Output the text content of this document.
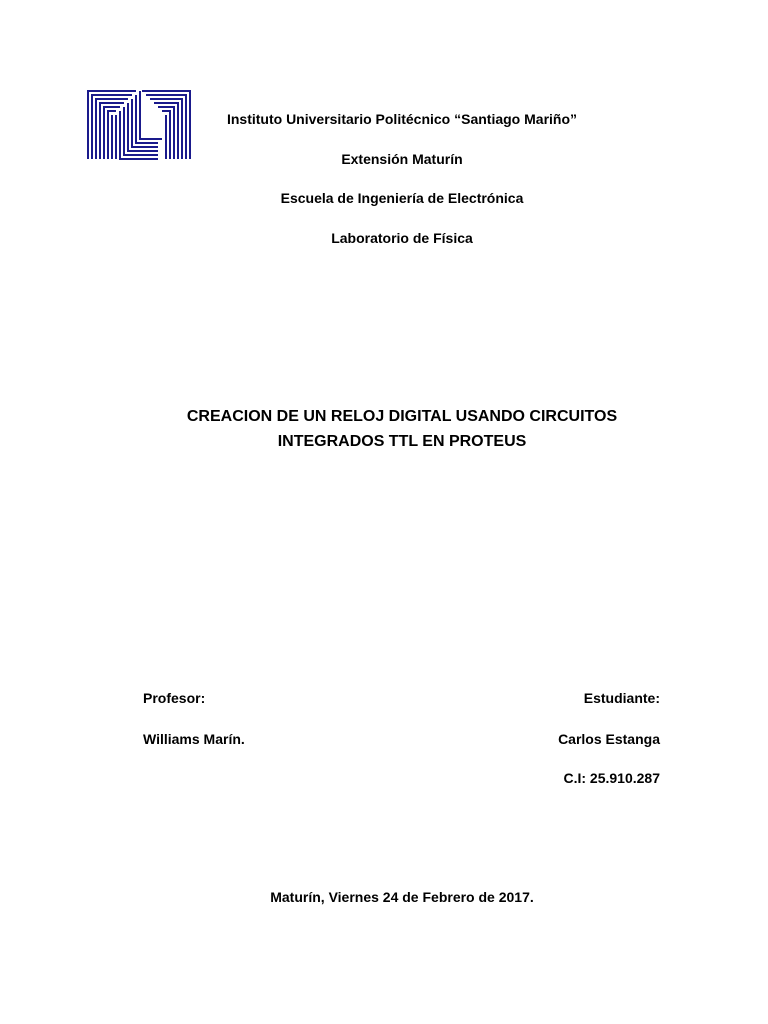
Instituto Universitario Politécnico “Santiago Mariño”
Extensión Maturín
Escuela de Ingeniería de Electrónica
Laboratorio de Física
CREACION DE UN RELOJ DIGITAL USANDO CIRCUITOS
INTEGRADOS TTL EN PROTEUS
Profesor:
Williams Marín.
Estudiante:
Carlos Estanga
C.I: 25.910.287
Maturín, Viernes 24 de Febrero de 2017.
